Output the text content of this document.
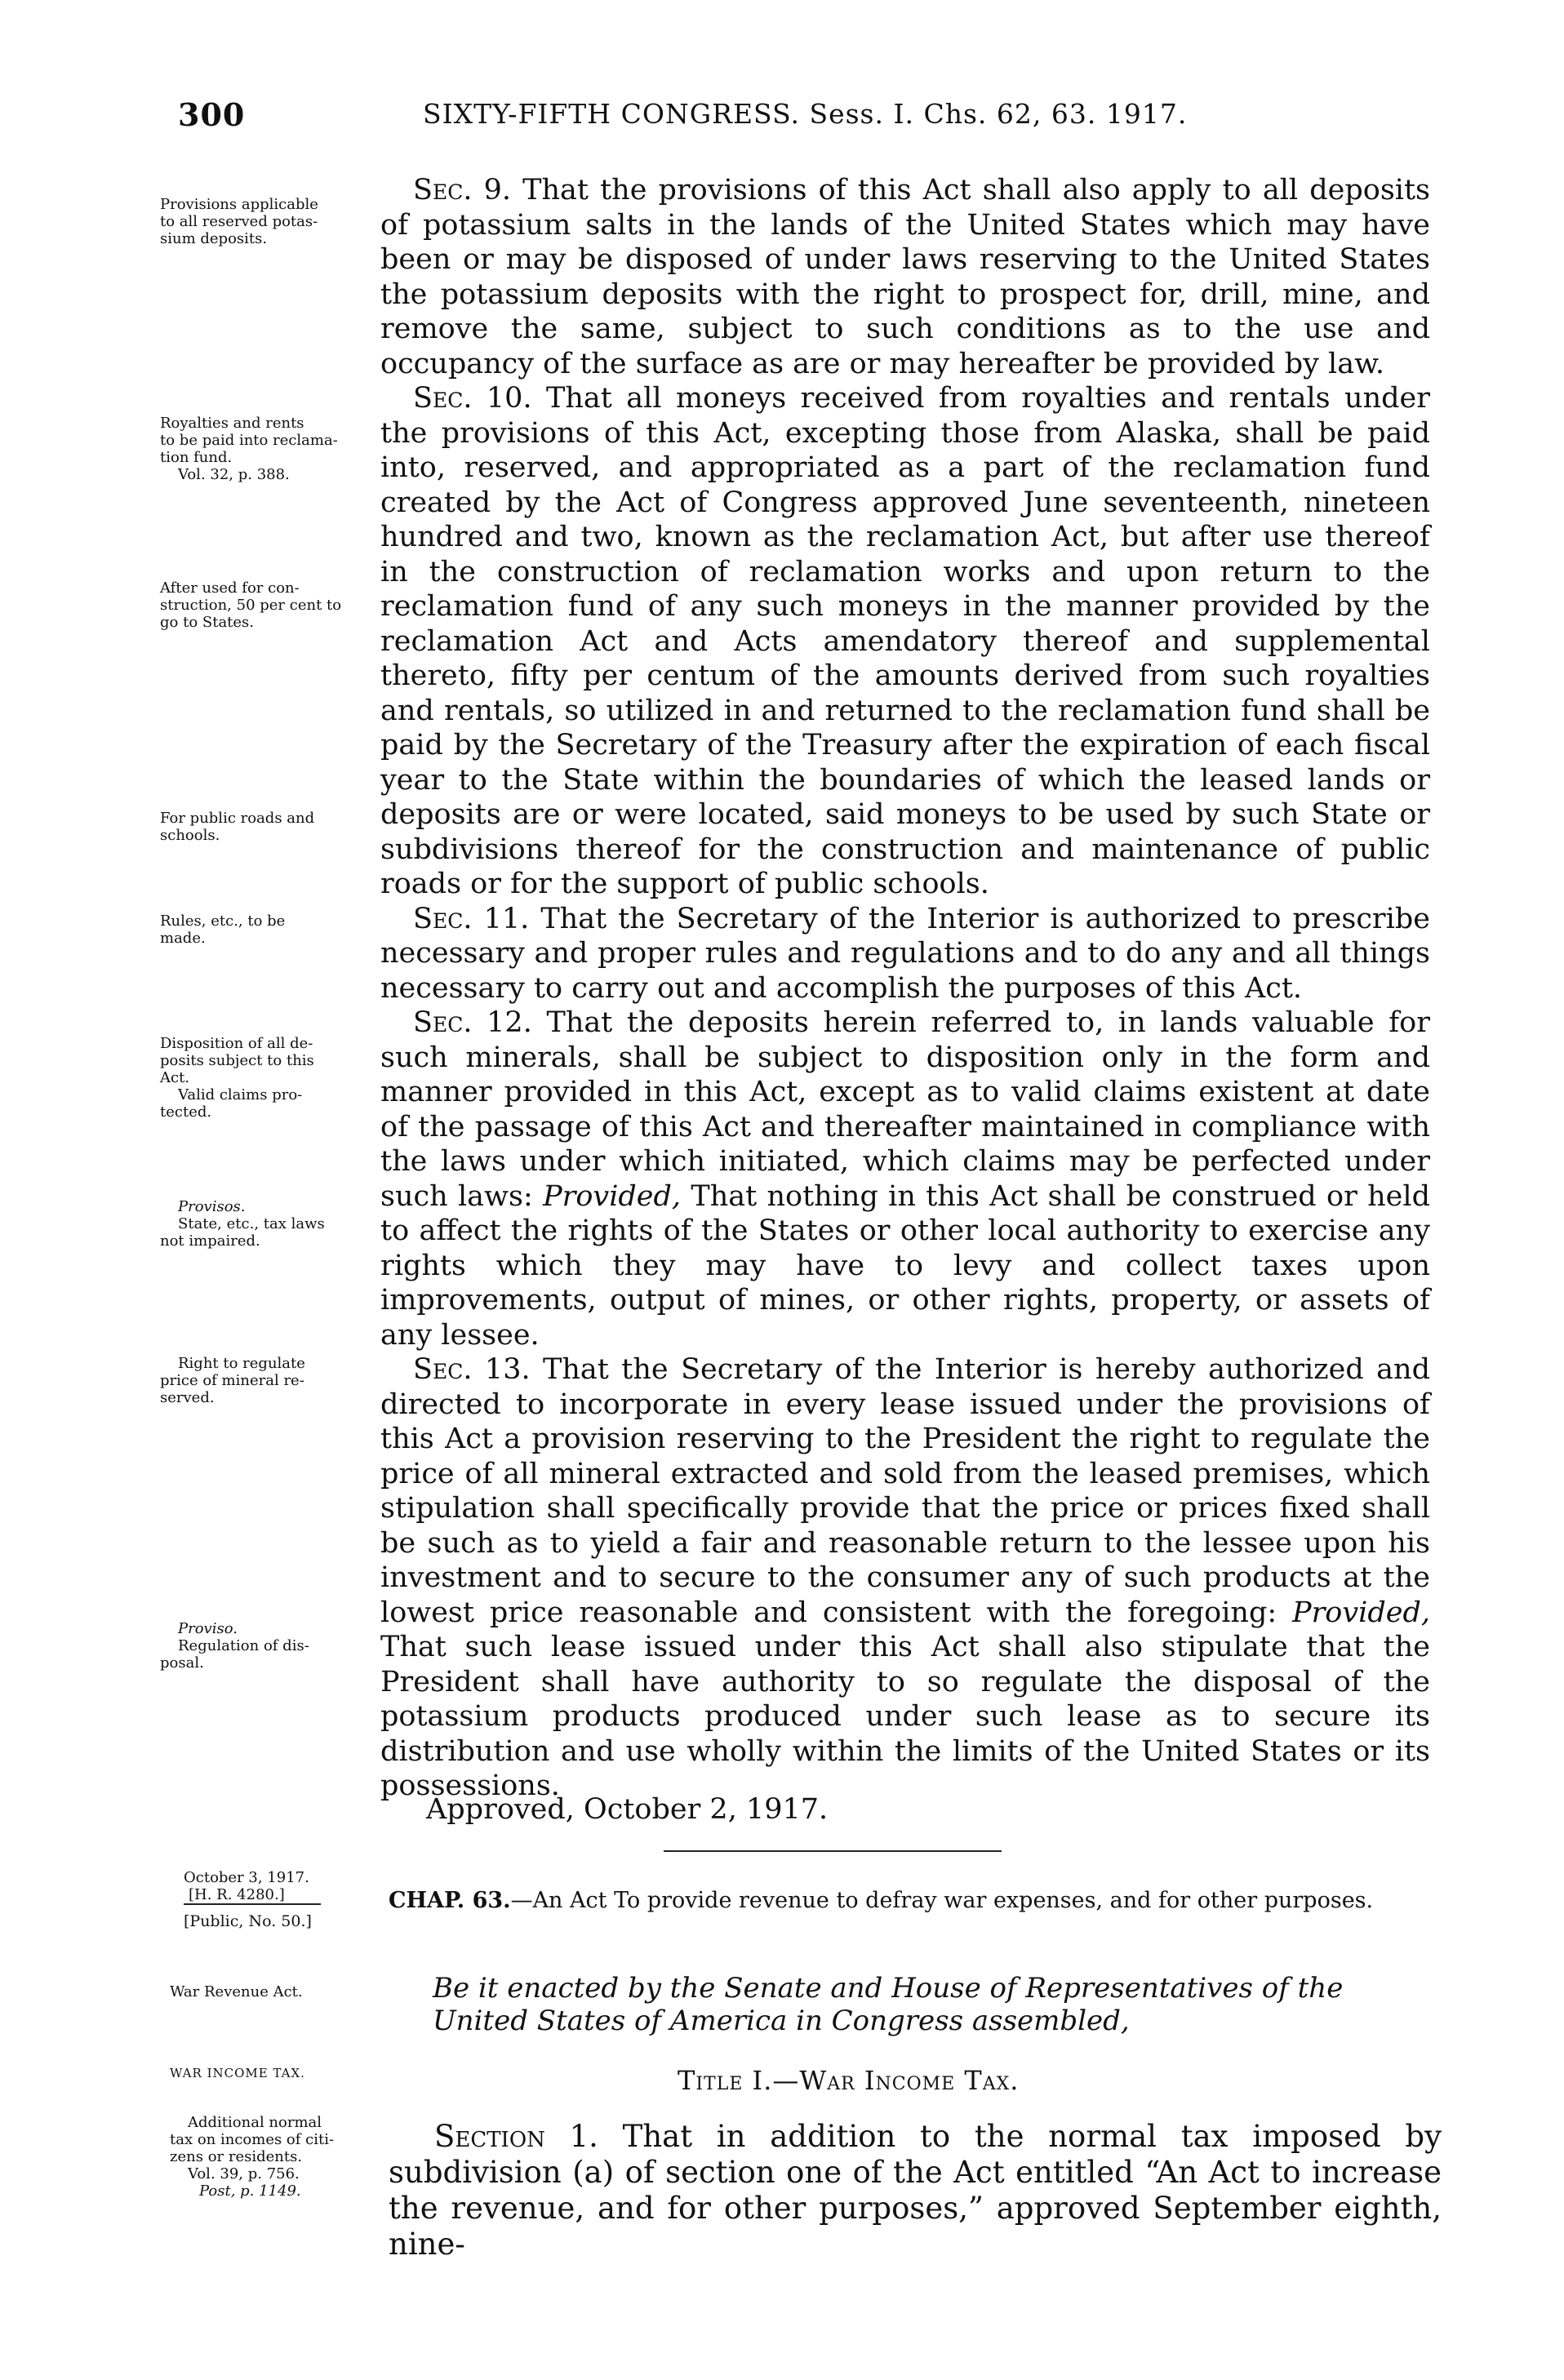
300	SIXTY-FIFTH CONGRESS. Sess. I. Chs. 62, 63. 1917.
Provisions applicable
to all reserved potas-
sium deposits.
Royalties and rents
to be paid into reclama-
tion fund.
Vol. 32, p. 388.
After used for con-
struction, 50 per cent to
go to States.
For public roads and
schools.
Rules, etc., to be
made.
Disposition of all de-
posits subject to this
Act.
Valid claims pro-
tected.
Provisos.
State, etc., tax laws
not impaired.
Right to regulate
price of mineral re-
served.
Proviso.
Regulation of dis-
posal.
October 3, 1917.
[H. R. 4280.]
[Public, No. 50.]
War Revenue Act.
WAR INCOME TAX.
Additional normal
tax on incomes of citi-
zens or residents.
Vol. 39, p. 756.
Post, p. 1149.

Sec. 9. That the provisions of this Act shall also apply to all deposits of potassium salts in the lands of the United States which may have been or may be disposed of under laws reserving to the United States the potassium deposits with the right to prospect for, drill, mine, and remove the same, subject to such conditions as to the use and occupancy of the surface as are or may hereafter be provided by law.

Sec. 10. That all moneys received from royalties and rentals under the provisions of this Act, excepting those from Alaska, shall be paid into, reserved, and appropriated as a part of the reclamation fund created by the Act of Congress approved June seventeenth, nineteen hundred and two, known as the reclamation Act, but after use thereof in the construction of reclamation works and upon return to the reclamation fund of any such moneys in the manner provided by the reclamation Act and Acts amendatory thereof and supplemental thereto, fifty per centum of the amounts derived from such royalties and rentals, so utilized in and returned to the reclamation fund shall be paid by the Secretary of the Treasury after the expiration of each fiscal year to the State within the boundaries of which the leased lands or deposits are or were located, said moneys to be used by such State or subdivisions thereof for the construction and maintenance of public roads or for the support of public schools.

Sec. 11. That the Secretary of the Interior is authorized to prescribe necessary and proper rules and regulations and to do any and all things necessary to carry out and accomplish the purposes of this Act.

Sec. 12. That the deposits herein referred to, in lands valuable for such minerals, shall be subject to disposition only in the form and manner provided in this Act, except as to valid claims existent at date of the passage of this Act and thereafter maintained in compliance with the laws under which initiated, which claims may be perfected under such laws: Provided, That nothing in this Act shall be construed or held to affect the rights of the States or other local authority to exercise any rights which they may have to levy and collect taxes upon improvements, output of mines, or other rights, property, or assets of any lessee.

Sec. 13. That the Secretary of the Interior is hereby authorized and directed to incorporate in every lease issued under the provisions of this Act a provision reserving to the President the right to regulate the price of all mineral extracted and sold from the leased premises, which stipulation shall specifically provide that the price or prices fixed shall be such as to yield a fair and reasonable return to the lessee upon his investment and to secure to the consumer any of such products at the lowest price reasonable and consistent with the foregoing: Provided, That such lease issued under this Act shall also stipulate that the President shall have authority to so regulate the disposal of the potassium products produced under such lease as to secure its distribution and use wholly within the limits of the United States or its possessions.

Approved, October 2, 1917.
CHAP. 63.—An Act To provide revenue to defray war expenses, and for other purposes.
Be it enacted by the Senate and House of Representatives of the United States of America in Congress assembled,
Title I.—War Income Tax.

Section 1. That in addition to the normal tax imposed by subdivision (a) of section one of the Act entitled “An Act to increase the revenue, and for other purposes,” approved September eighth, nine-
